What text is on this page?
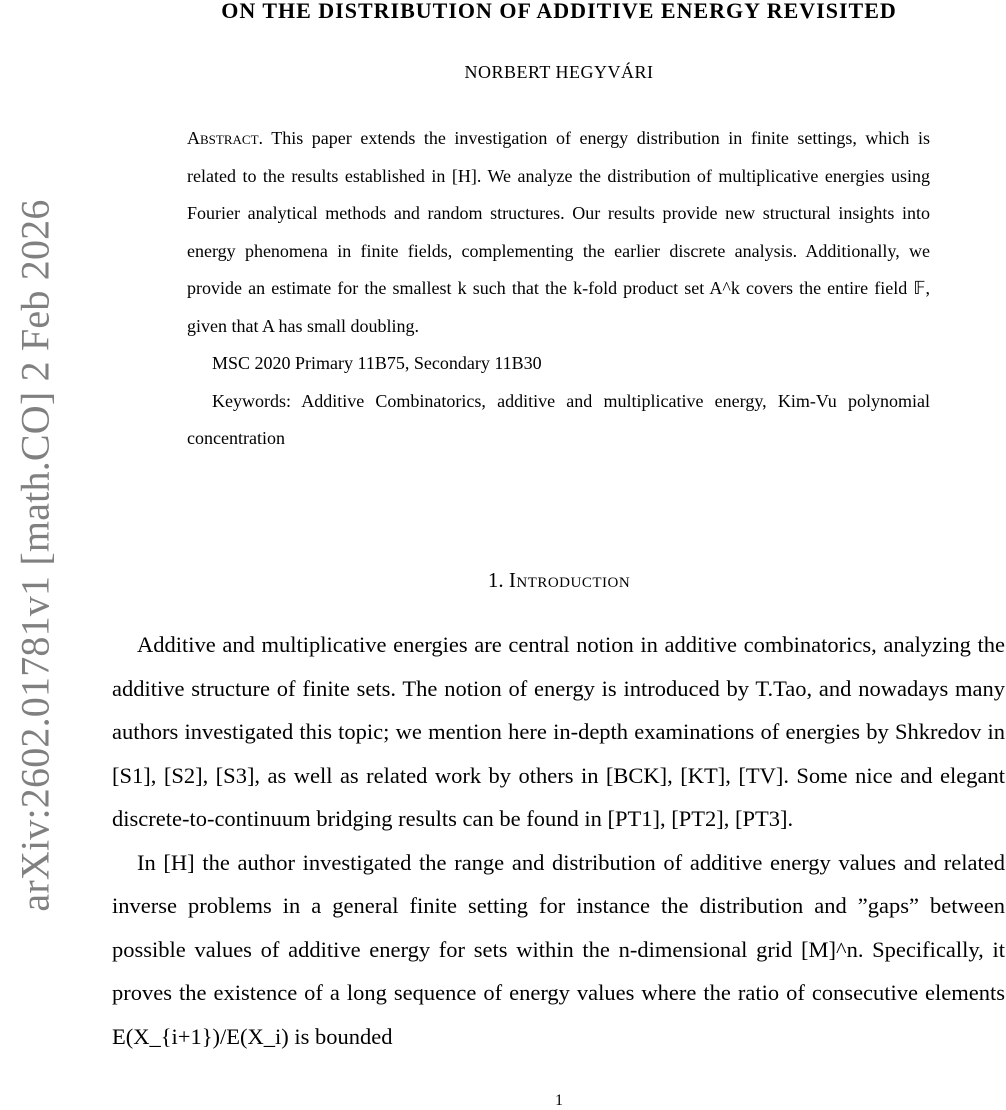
arXiv:2602.01781v1 [math.CO] 2 Feb 2026
ON THE DISTRIBUTION OF ADDITIVE ENERGY REVISITED
NORBERT HEGYVÁRI

Abstract. This paper extends the investigation of energy distribution in finite settings, which is related to the results established in [H]. We analyze the distribution of multiplicative energies using Fourier analytical methods and random structures. Our results provide new structural insights into energy phenomena in finite fields, complementing the earlier discrete analysis. Additionally, we provide an estimate for the smallest k such that the k-fold product set A^k covers the entire field 𝔽, given that A has small doubling.

MSC 2020 Primary 11B75, Secondary 11B30

Keywords: Additive Combinatorics, additive and multiplicative energy, Kim-Vu polynomial concentration

1. Introduction

Additive and multiplicative energies are central notion in additive combinatorics, analyzing the additive structure of finite sets. The notion of energy is introduced by T.Tao, and nowadays many authors investigated this topic; we mention here in-depth examinations of energies by Shkredov in [S1], [S2], [S3], as well as related work by others in [BCK], [KT], [TV]. Some nice and elegant discrete-to-continuum bridging results can be found in [PT1], [PT2], [PT3].

In [H] the author investigated the range and distribution of additive energy values and related inverse problems in a general finite setting for instance the distribution and ”gaps” between possible values of additive energy for sets within the n-dimensional grid [M]^n. Specifically, it proves the existence of a long sequence of energy values where the ratio of consecutive elements E(X_{i+1})/E(X_i) is bounded

1
